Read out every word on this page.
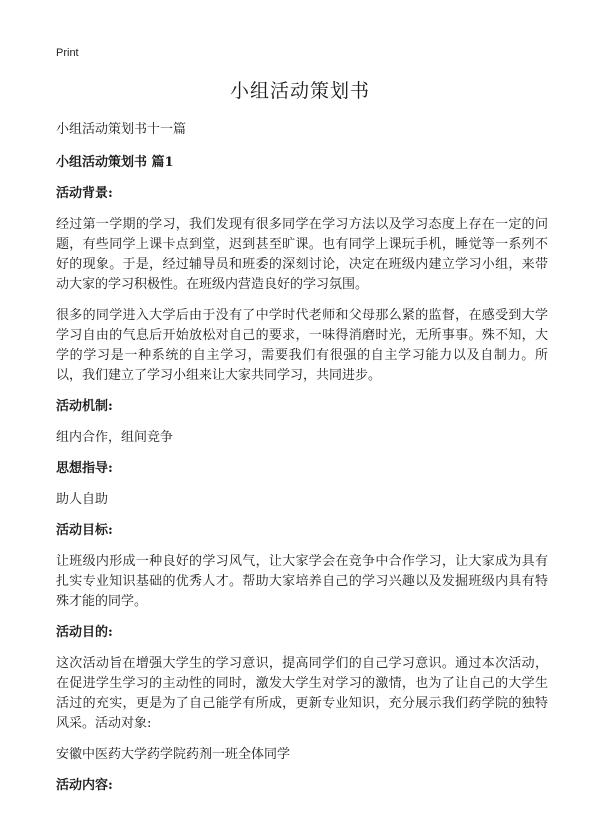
Print
小组活动策划书

小组活动策划书十一篇

小组活动策划书 篇1

活动背景:

经过第一学期的学习，我们发现有很多同学在学习方法以及学习态度上存在一定的问题，有些同学上课卡点到堂，迟到甚至旷课。也有同学上课玩手机，睡觉等一系列不好的现象。于是，经过辅导员和班委的深刻讨论，决定在班级内建立学习小组，来带动大家的学习积极性。在班级内营造良好的学习氛围。

很多的同学进入大学后由于没有了中学时代老师和父母那么紧的监督，在感受到大学学习自由的气息后开始放松对自己的要求，一味得消磨时光，无所事事。殊不知，大学的学习是一种系统的自主学习，需要我们有很强的自主学习能力以及自制力。所以，我们建立了学习小组来让大家共同学习，共同进步。

活动机制:

组内合作，组间竞争

思想指导:

助人自助

活动目标:

让班级内形成一种良好的学习风气，让大家学会在竞争中合作学习，让大家成为具有扎实专业知识基础的优秀人才。帮助大家培养自己的学习兴趣以及发掘班级内具有特殊才能的同学。

活动目的:

这次活动旨在增强大学生的学习意识，提高同学们的自己学习意识。通过本次活动，在促进学生学习的主动性的同时，激发大学生对学习的激情，也为了让自己的大学生活过的充实，更是为了自己能学有所成，更新专业知识，充分展示我们药学院的独特风采。活动对象:

安徽中医药大学药学院药剂一班全体同学

活动内容:
